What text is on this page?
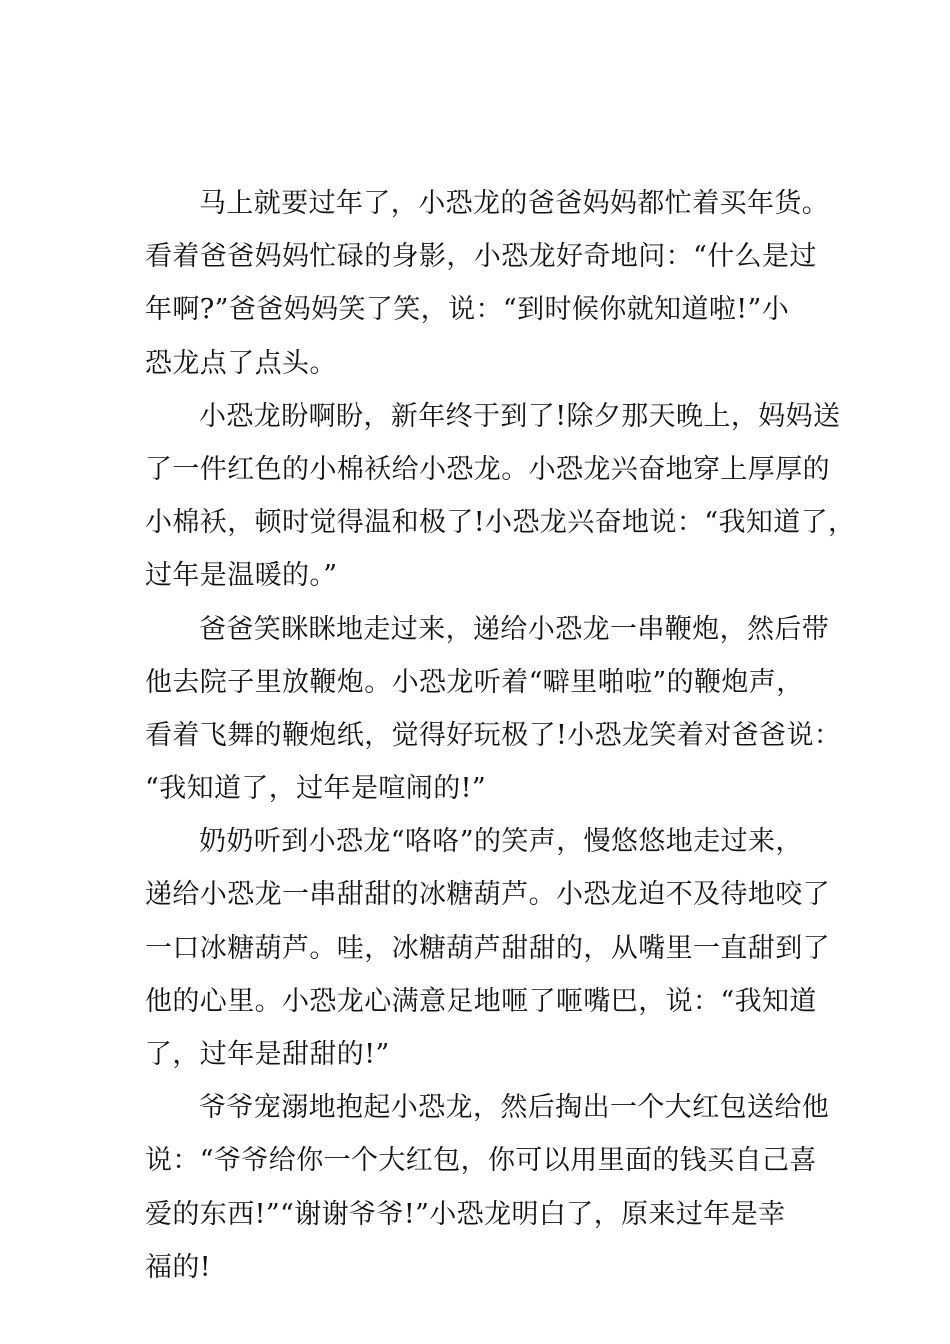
马上就要过年了，小恐龙的爸爸妈妈都忙着买年货。
看着爸爸妈妈忙碌的身影，小恐龙好奇地问：“什么是过
年啊?”爸爸妈妈笑了笑，说：“到时候你就知道啦!”小
恐龙点了点头。
小恐龙盼啊盼，新年终于到了!除夕那天晚上，妈妈送
了一件红色的小棉袄给小恐龙。小恐龙兴奋地穿上厚厚的
小棉袄，顿时觉得温和极了!小恐龙兴奋地说：“我知道了，
过年是温暖的。”
爸爸笑眯眯地走过来，递给小恐龙一串鞭炮，然后带
他去院子里放鞭炮。小恐龙听着“噼里啪啦”的鞭炮声，
看着飞舞的鞭炮纸，觉得好玩极了!小恐龙笑着对爸爸说：
“我知道了，过年是喧闹的!”
奶奶听到小恐龙“咯咯”的笑声，慢悠悠地走过来，
递给小恐龙一串甜甜的冰糖葫芦。小恐龙迫不及待地咬了
一口冰糖葫芦。哇，冰糖葫芦甜甜的，从嘴里一直甜到了
他的心里。小恐龙心满意足地咂了咂嘴巴，说：“我知道
了，过年是甜甜的!”
爷爷宠溺地抱起小恐龙，然后掏出一个大红包送给他
说：“爷爷给你一个大红包，你可以用里面的钱买自己喜
爱的东西!”“谢谢爷爷!”小恐龙明白了，原来过年是幸
福的!
